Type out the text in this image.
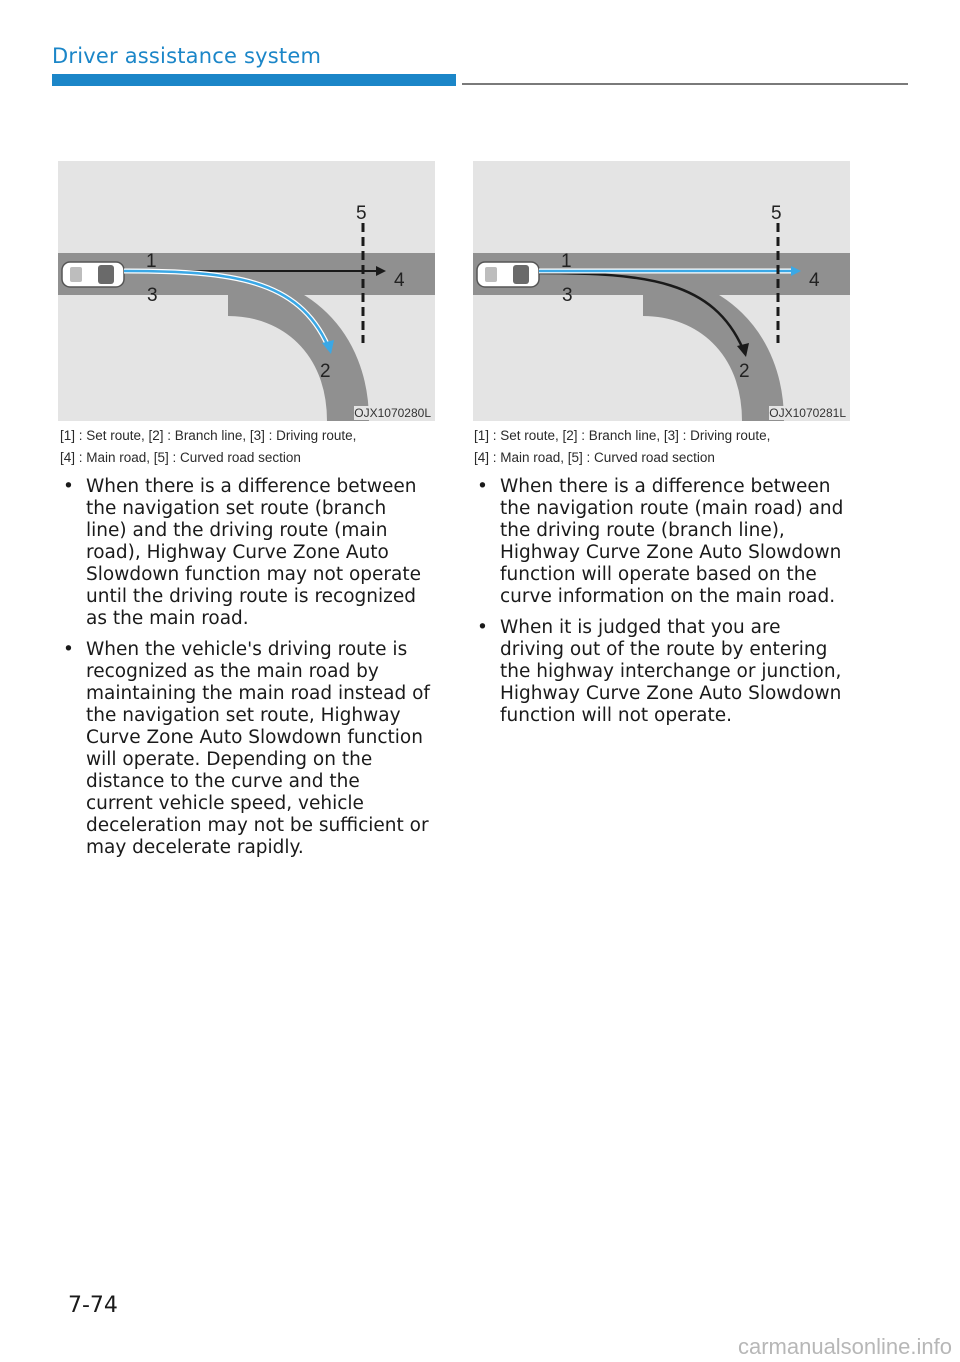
Driver assistance system
1
2
3
4
5
OJX1070280L
[1] : Set route, [2] : Branch line, [3] : Driving route,
[4] : Main road, [5] : Curved road section
• When there is a difference between the navigation set route (branch line) and the driving route (main road), Highway Curve Zone Auto Slowdown function may not operate until the driving route is recognized as the main road.
• When the vehicle's driving route is recognized as the main road by maintaining the main road instead of the navigation set route, Highway Curve Zone Auto Slowdown function will operate. Depending on the distance to the curve and the current vehicle speed, vehicle deceleration may not be sufficient or may decelerate rapidly.
1
2
3
4
5
OJX1070281L
[1] : Set route, [2] : Branch line, [3] : Driving route,
[4] : Main road, [5] : Curved road section
• When there is a difference between the navigation route (main road) and the driving route (branch line), Highway Curve Zone Auto Slowdown function will operate based on the curve information on the main road.
• When it is judged that you are driving out of the route by entering the highway interchange or junction, Highway Curve Zone Auto Slowdown function will not operate.
7-74
carmanualsonline.info
